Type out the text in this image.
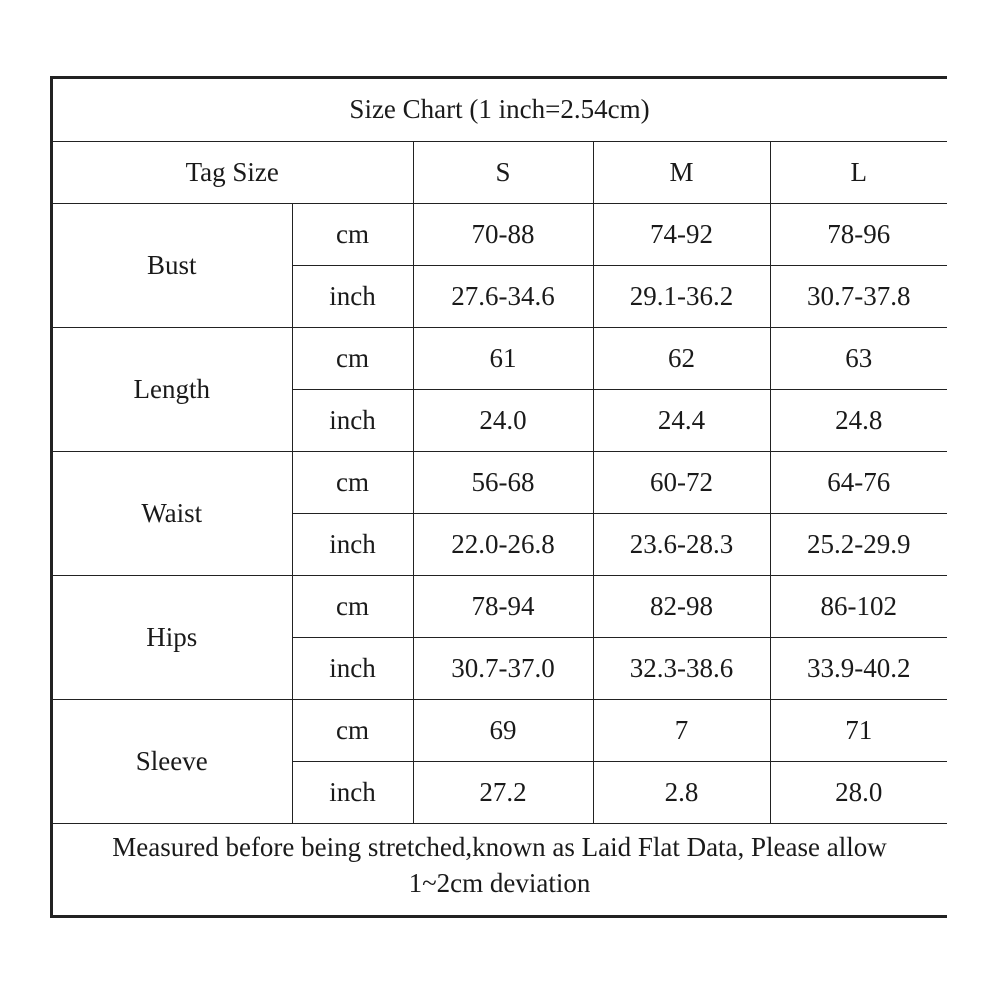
Size Chart (1 inch=2.54cm)				
Tag Size		S	M	L
Bust	cm	70-88	74-92	78-96
	inch	27.6-34.6	29.1-36.2	30.7-37.8
Length	cm	61	62	63
	inch	24.0	24.4	24.8
Waist	cm	56-68	60-72	64-76
	inch	22.0-26.8	23.6-28.3	25.2-29.9
Hips	cm	78-94	82-98	86-102
	inch	30.7-37.0	32.3-38.6	33.9-40.2
Sleeve	cm	69	7	71
	inch	27.2	2.8	28.0

Measured before being stretched,known as Laid Flat Data, Please allow
1~2cm deviation				
